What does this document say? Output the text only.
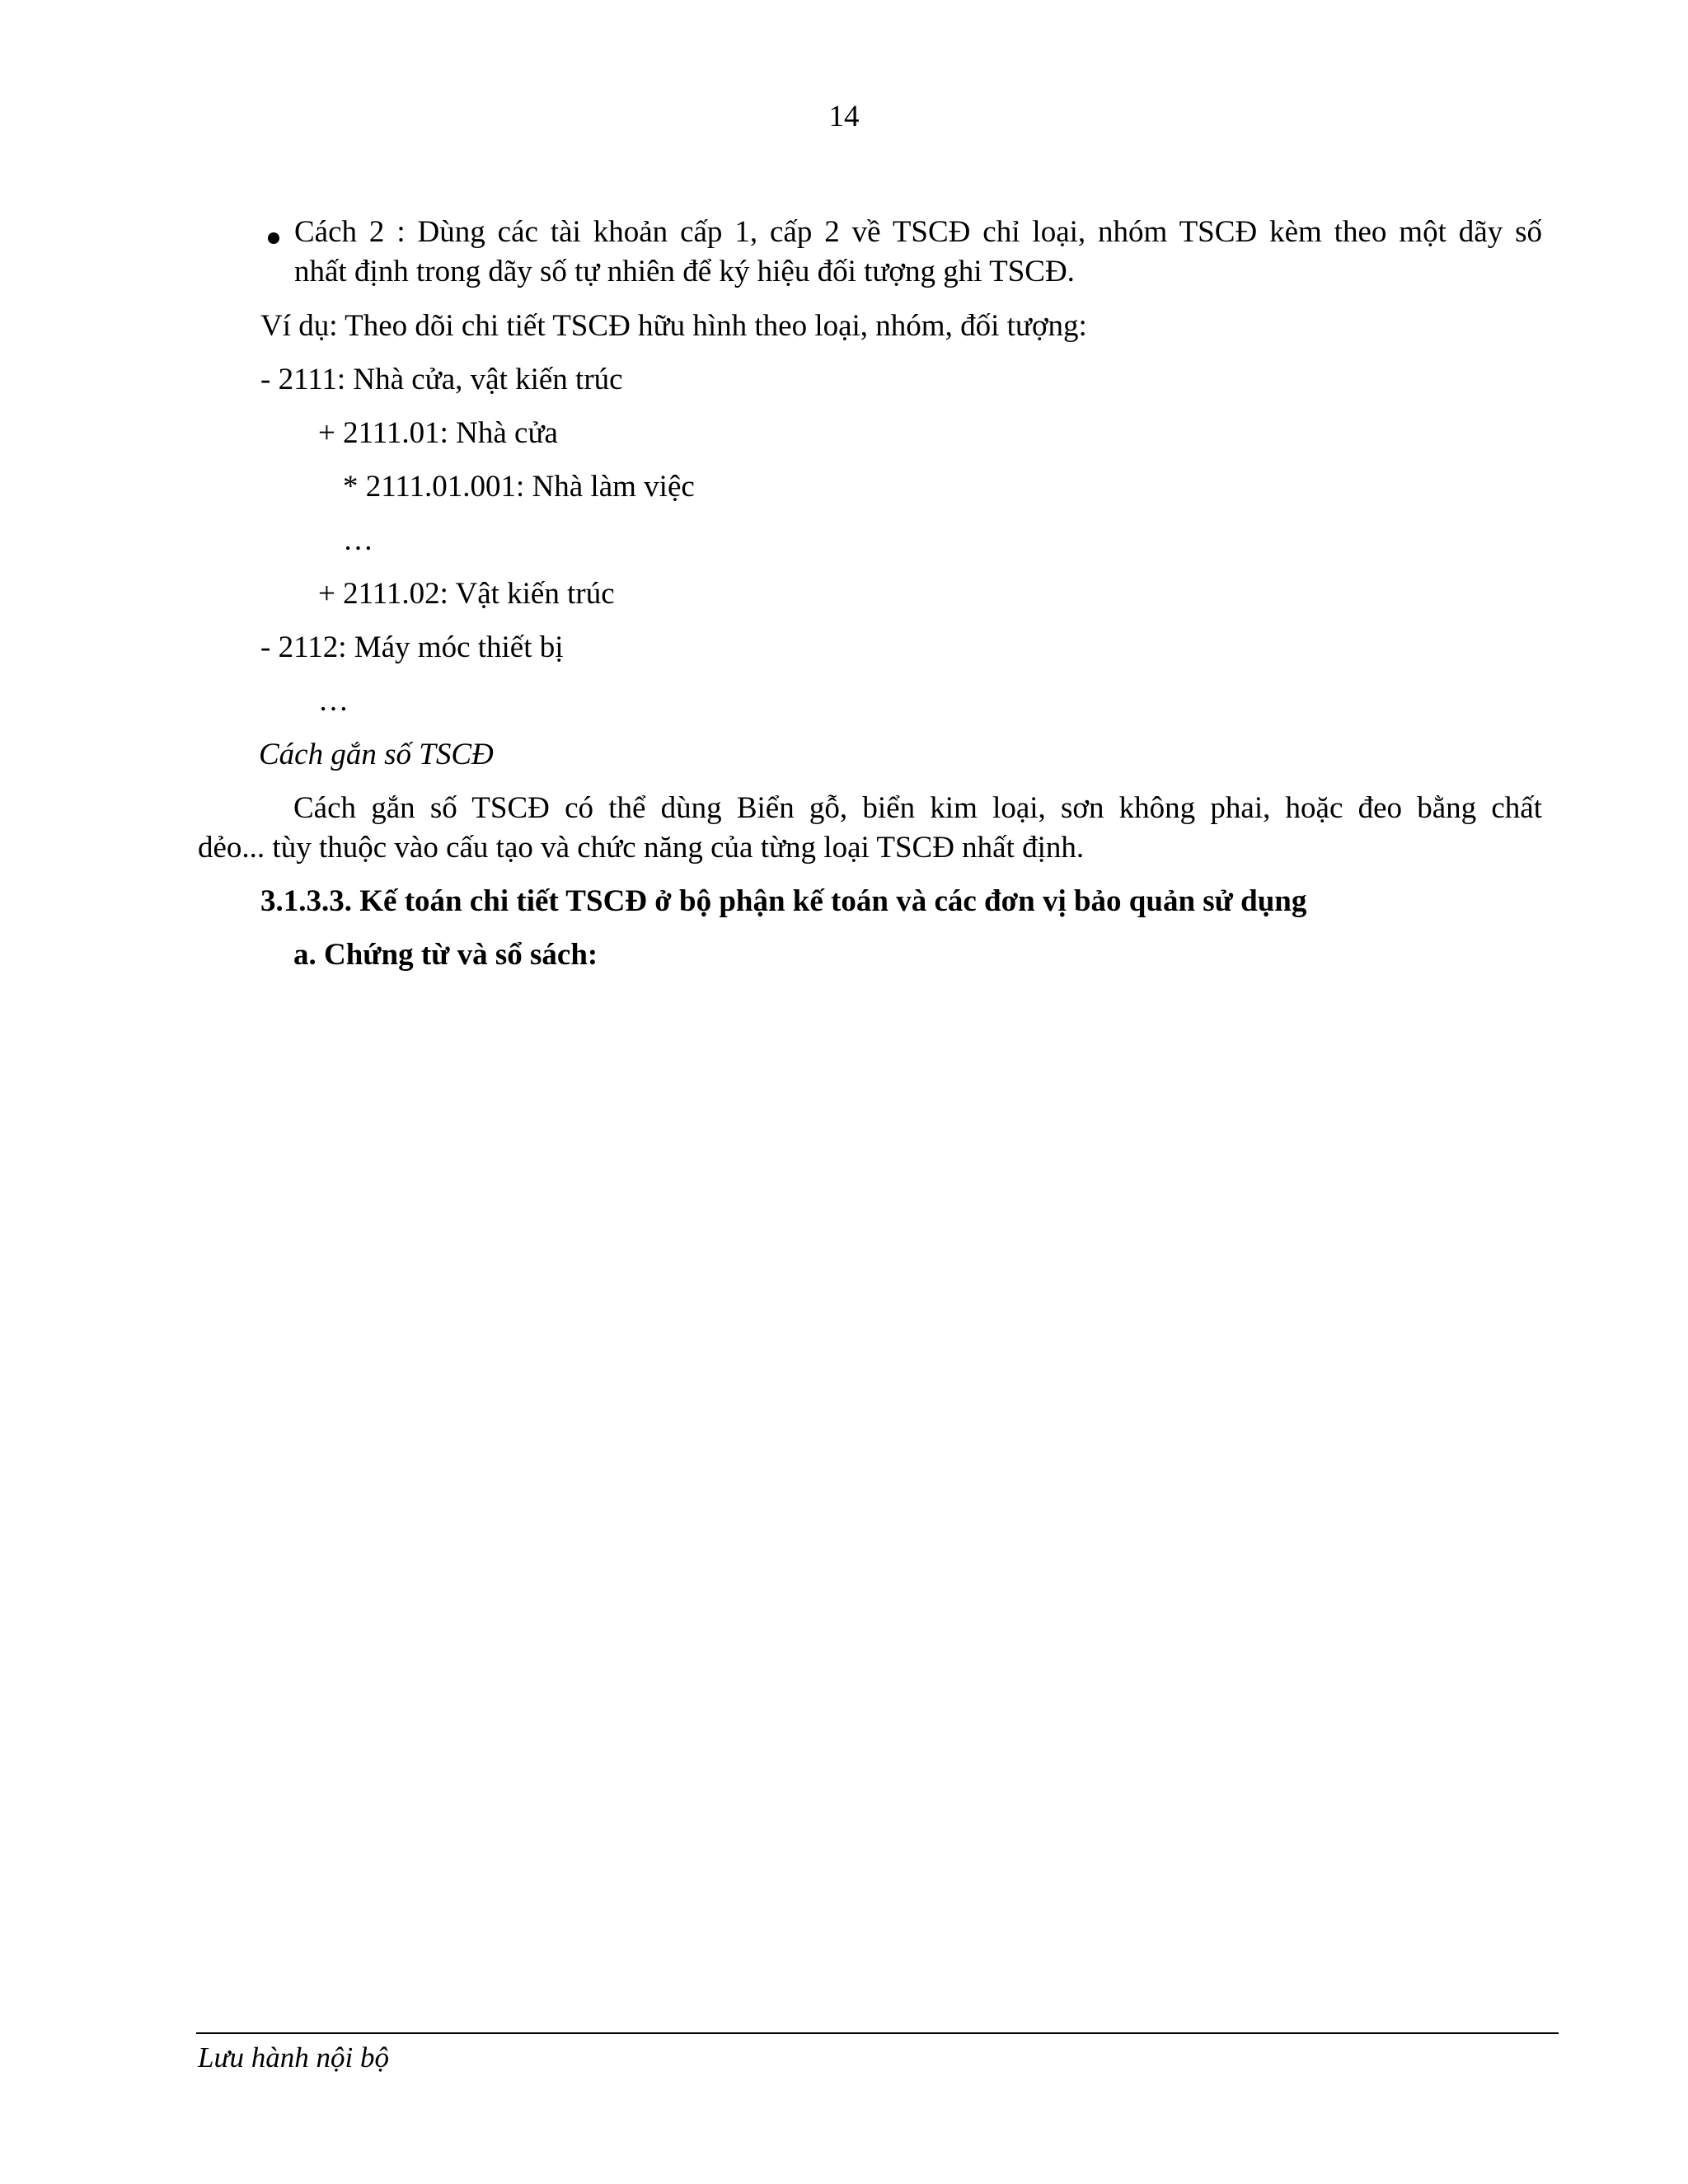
14
Cách 2 : Dùng các tài khoản cấp 1, cấp 2 về TSCĐ chỉ loại, nhóm TSCĐ kèm theo một dãy số
nhất định trong dãy số tự nhiên để ký hiệu đối tượng ghi TSCĐ.
Ví dụ: Theo dõi chi tiết TSCĐ hữu hình theo loại, nhóm, đối tượng:
- 2111: Nhà cửa, vật kiến trúc
+ 2111.01: Nhà cửa
* 2111.01.001: Nhà làm việc
…
+ 2111.02: Vật kiến trúc
- 2112: Máy móc thiết bị
…
Cách gắn số TSCĐ
Cách gắn số TSCĐ có thể dùng Biển gỗ, biển kim loại, sơn không phai, hoặc đeo bằng chất
dẻo... tùy thuộc vào cấu tạo và chức năng của từng loại TSCĐ nhất định.
3.1.3.3. Kế toán chi tiết TSCĐ ở bộ phận kế toán và các đơn vị bảo quản sử dụng
a. Chứng từ và sổ sách:
Lưu hành nội bộ
